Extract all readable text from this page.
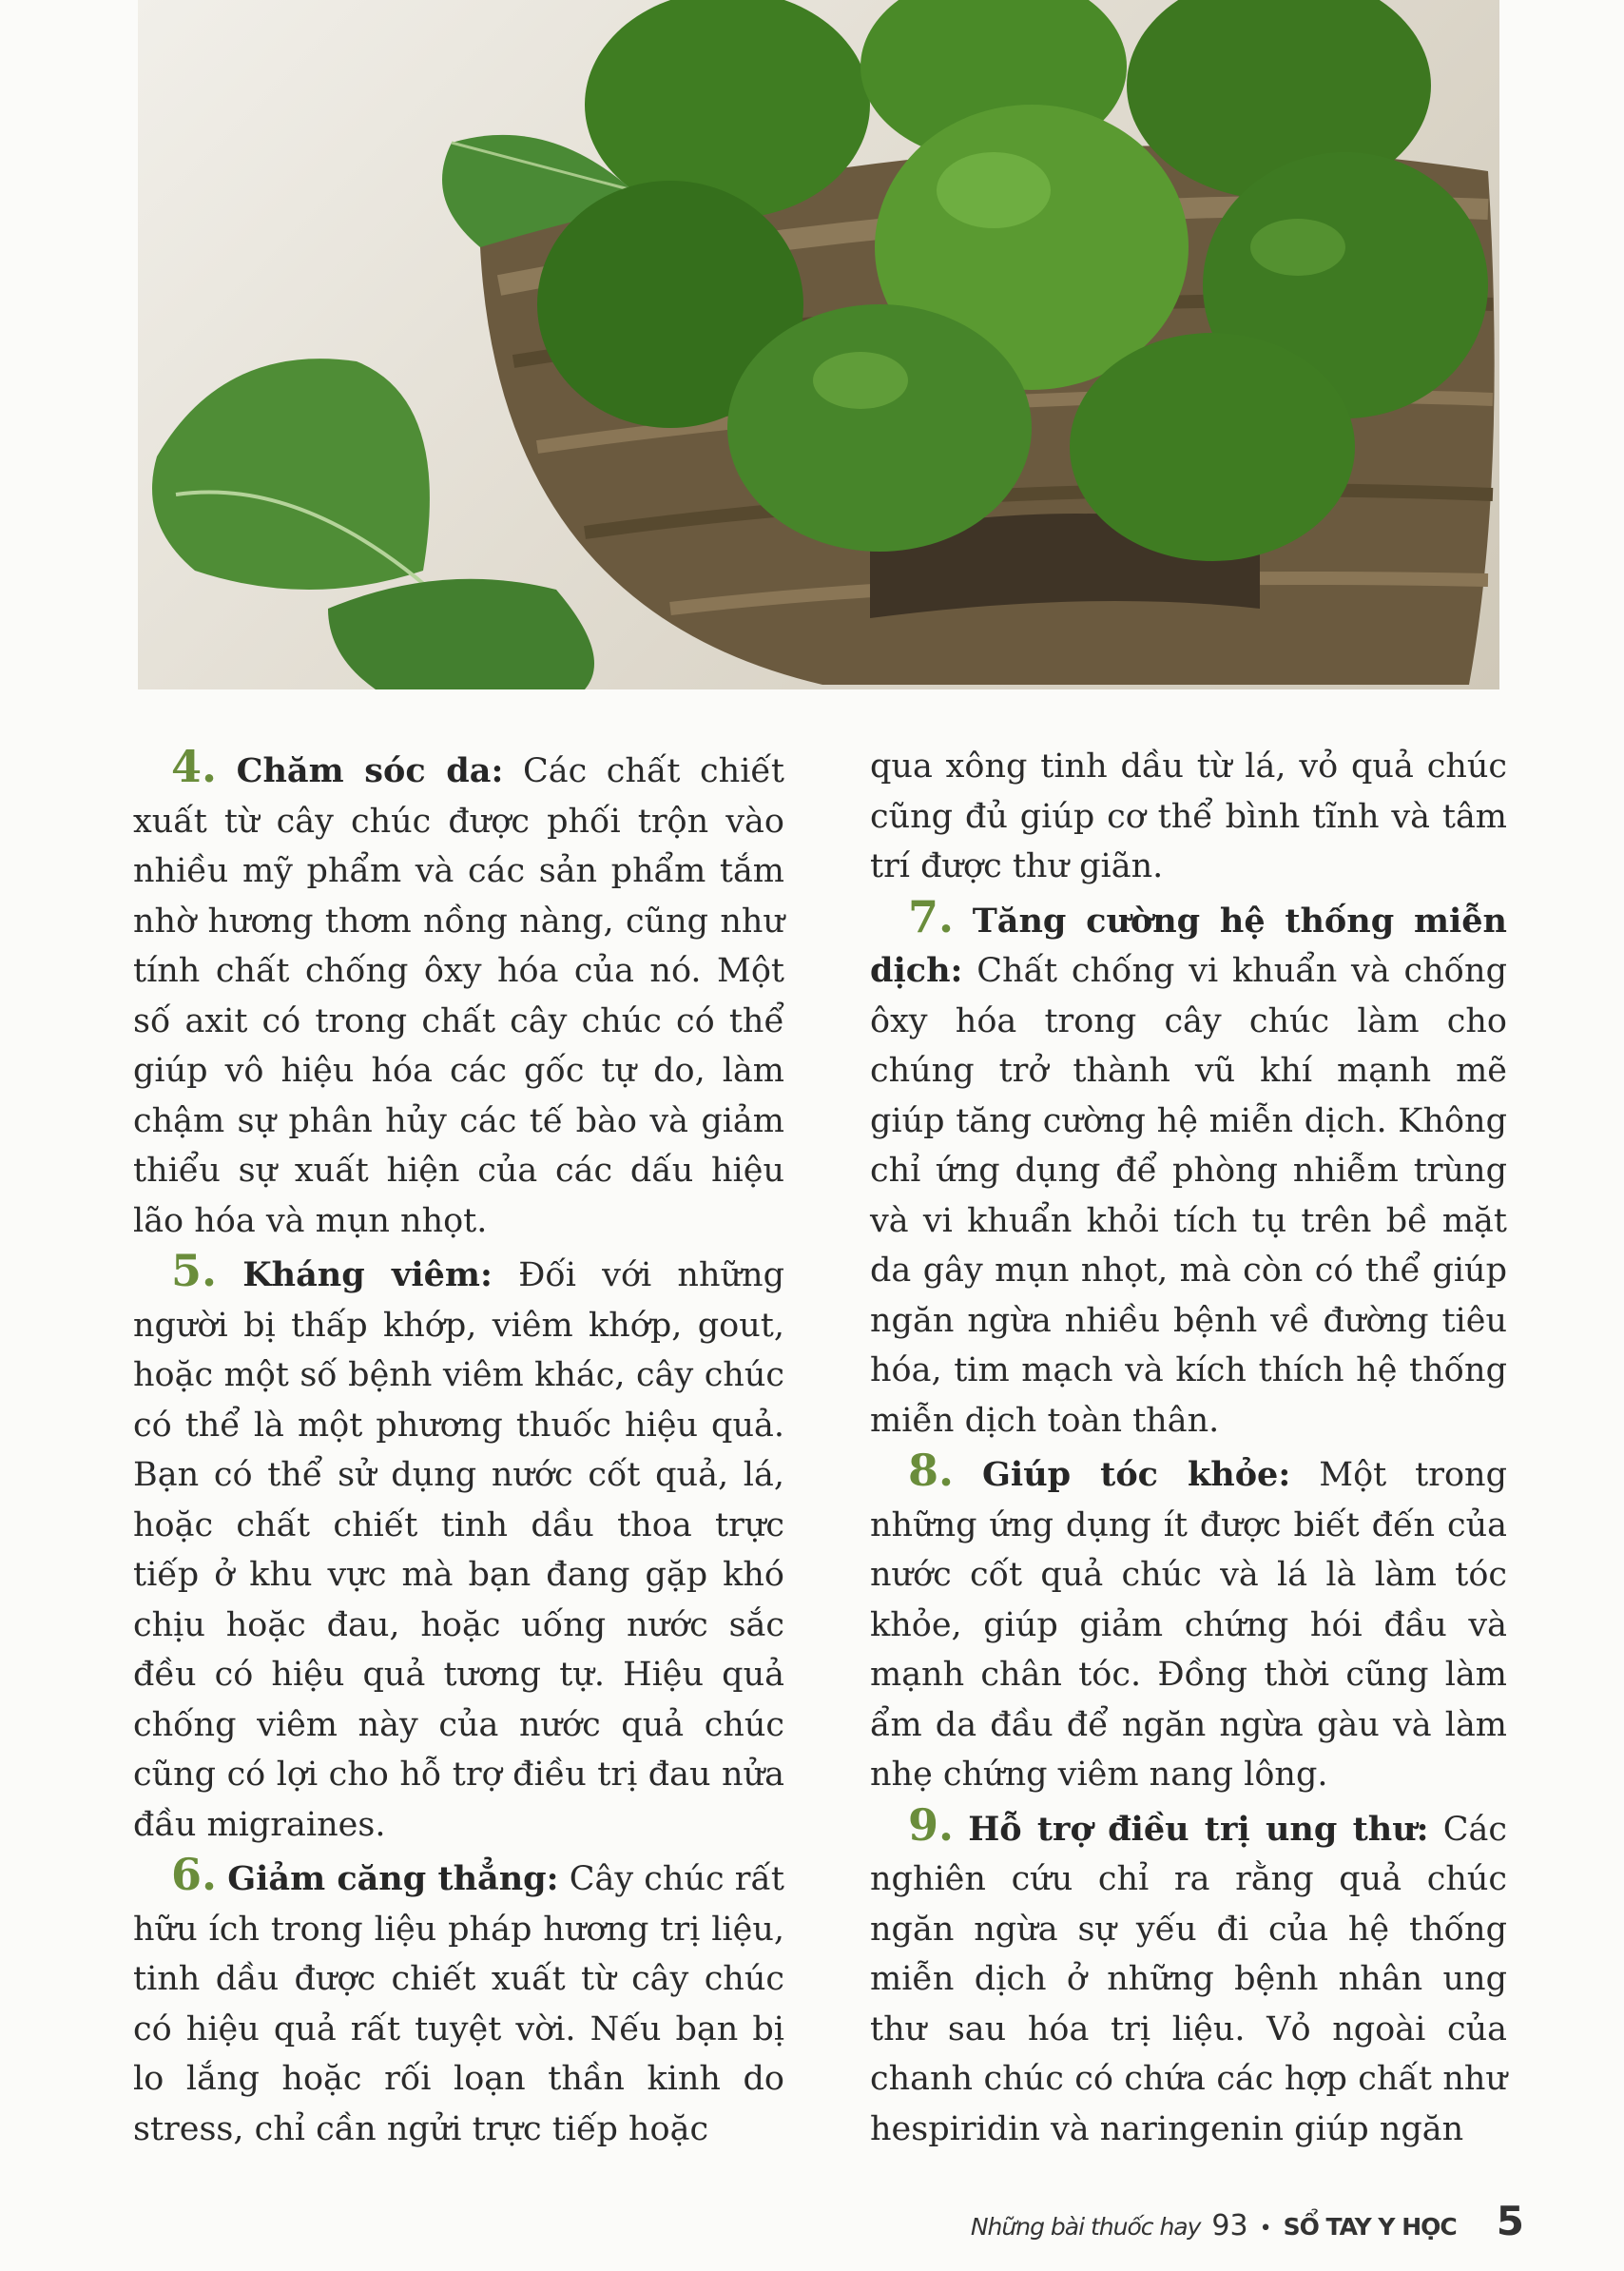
4. Chăm sóc da: Các chất chiết xuất từ cây chúc được phối trộn vào nhiều mỹ phẩm và các sản phẩm tắm nhờ hương thơm nồng nàng, cũng như tính chất chống ôxy hóa của nó. Một số axit có trong chất cây chúc có thể giúp vô hiệu hóa các gốc tự do, làm chậm sự phân hủy các tế bào và giảm thiểu sự xuất hiện của các dấu hiệu lão hóa và mụn nhọt.

5. Kháng viêm: Đối với những người bị thấp khớp, viêm khớp, gout, hoặc một số bệnh viêm khác, cây chúc có thể là một phương thuốc hiệu quả. Bạn có thể sử dụng nước cốt quả, lá, hoặc chất chiết tinh dầu thoa trực tiếp ở khu vực mà bạn đang gặp khó chịu hoặc đau, hoặc uống nước sắc đều có hiệu quả tương tự. Hiệu quả chống viêm này của nước quả chúc cũng có lợi cho hỗ trợ điều trị đau nửa đầu migraines.

6. Giảm căng thẳng: Cây chúc rất hữu ích trong liệu pháp hương trị liệu, tinh dầu được chiết xuất từ cây chúc có hiệu quả rất tuyệt vời. Nếu bạn bị lo lắng hoặc rối loạn thần kinh do stress, chỉ cần ngửi trực tiếp hoặc

qua xông tinh dầu từ lá, vỏ quả chúc cũng đủ giúp cơ thể bình tĩnh và tâm trí được thư giãn.

7. Tăng cường hệ thống miễn dịch: Chất chống vi khuẩn và chống ôxy hóa trong cây chúc làm cho chúng trở thành vũ khí mạnh mẽ giúp tăng cường hệ miễn dịch. Không chỉ ứng dụng để phòng nhiễm trùng và vi khuẩn khỏi tích tụ trên bề mặt da gây mụn nhọt, mà còn có thể giúp ngăn ngừa nhiều bệnh về đường tiêu hóa, tim mạch và kích thích hệ thống miễn dịch toàn thân.

8. Giúp tóc khỏe: Một trong những ứng dụng ít được biết đến của nước cốt quả chúc và lá là làm tóc khỏe, giúp giảm chứng hói đầu và mạnh chân tóc. Đồng thời cũng làm ẩm da đầu để ngăn ngừa gàu và làm nhẹ chứng viêm nang lông.

9. Hỗ trợ điều trị ung thư: Các nghiên cứu chỉ ra rằng quả chúc ngăn ngừa sự yếu đi của hệ thống miễn dịch ở những bệnh nhân ung thư sau hóa trị liệu. Vỏ ngoài của chanh chúc có chứa các hợp chất như hespiridin và naringenin giúp ngăn

Những bài thuốc hay 93 • SỔ TAY Y HỌC 5
